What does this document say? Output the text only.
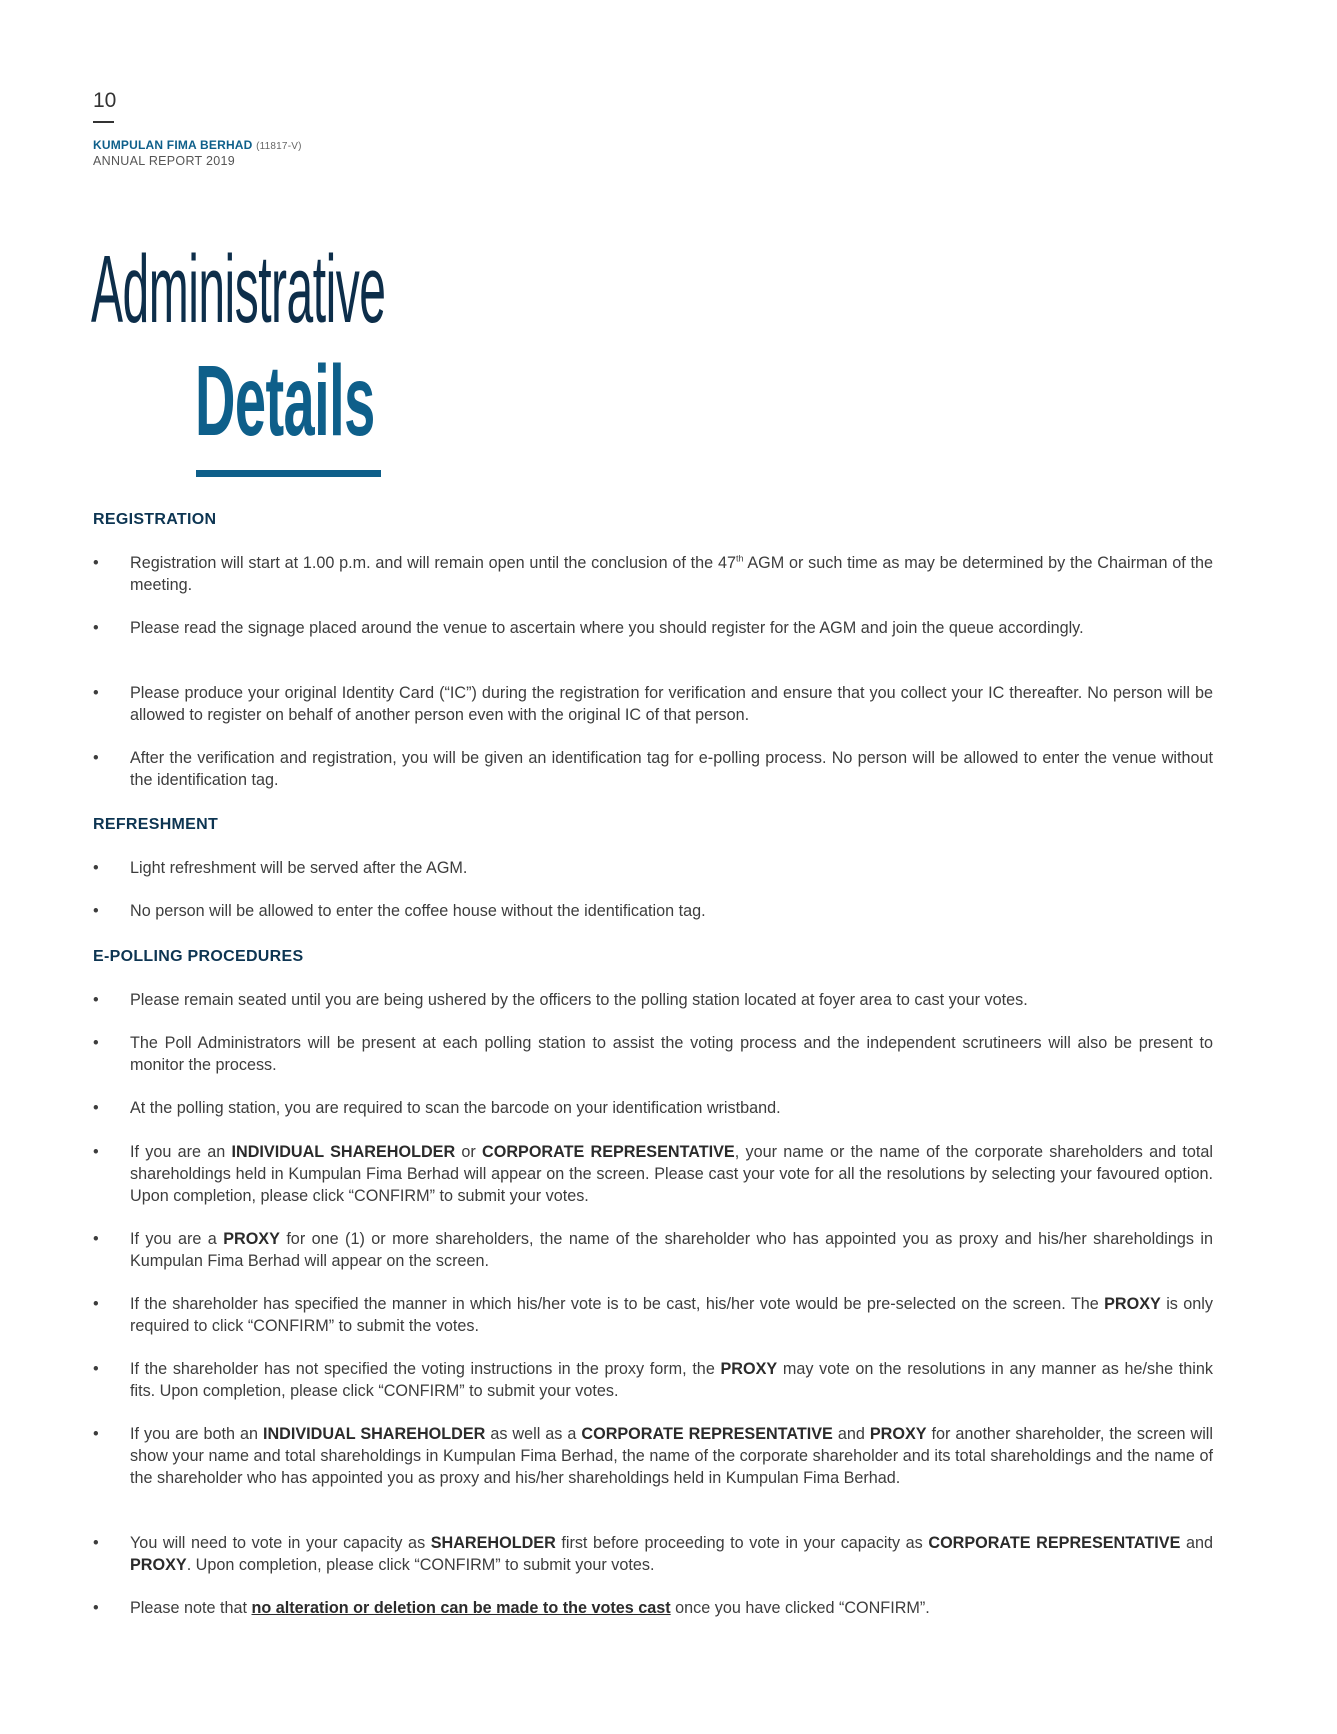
10
KUMPULAN FIMA BERHAD (11817-V)
ANNUAL REPORT 2019
Administrative
Details
REGISTRATION
•	Registration will start at 1.00 p.m. and will remain open until the conclusion of the 47th AGM or such time as may be determined by the Chairman of the meeting.
•	Please read the signage placed around the venue to ascertain where you should register for the AGM and join the queue accordingly.
•	Please produce your original Identity Card (“IC”) during the registration for verification and ensure that you collect your IC thereafter. No person will be allowed to register on behalf of another person even with the original IC of that person.
•	After the verification and registration, you will be given an identification tag for e-polling process. No person will be allowed to enter the venue without the identification tag.
REFRESHMENT
•	Light refreshment will be served after the AGM.
•	No person will be allowed to enter the coffee house without the identification tag.
E-POLLING PROCEDURES
•	Please remain seated until you are being ushered by the officers to the polling station located at foyer area to cast your votes.
•	The Poll Administrators will be present at each polling station to assist the voting process and the independent scrutineers will also be present to monitor the process.
•	At the polling station, you are required to scan the barcode on your identification wristband.
•	If you are an INDIVIDUAL SHAREHOLDER or CORPORATE REPRESENTATIVE, your name or the name of the corporate shareholders and total shareholdings held in Kumpulan Fima Berhad will appear on the screen. Please cast your vote for all the resolutions by selecting your favoured option. Upon completion, please click “CONFIRM” to submit your votes.
•	If you are a PROXY for one (1) or more shareholders, the name of the shareholder who has appointed you as proxy and his/her shareholdings in Kumpulan Fima Berhad will appear on the screen.
•	If the shareholder has specified the manner in which his/her vote is to be cast, his/her vote would be pre-selected on the screen. The PROXY is only required to click “CONFIRM” to submit the votes.
•	If the shareholder has not specified the voting instructions in the proxy form, the PROXY may vote on the resolutions in any manner as he/she think fits. Upon completion, please click “CONFIRM” to submit your votes.
•	If you are both an INDIVIDUAL SHAREHOLDER as well as a CORPORATE REPRESENTATIVE and PROXY for another shareholder, the screen will show your name and total shareholdings in Kumpulan Fima Berhad, the name of the corporate shareholder and its total shareholdings and the name of the shareholder who has appointed you as proxy and his/her shareholdings held in Kumpulan Fima Berhad.
•	You will need to vote in your capacity as SHAREHOLDER first before proceeding to vote in your capacity as CORPORATE REPRESENTATIVE and PROXY. Upon completion, please click “CONFIRM” to submit your votes.
•	Please note that no alteration or deletion can be made to the votes cast once you have clicked “CONFIRM”.
